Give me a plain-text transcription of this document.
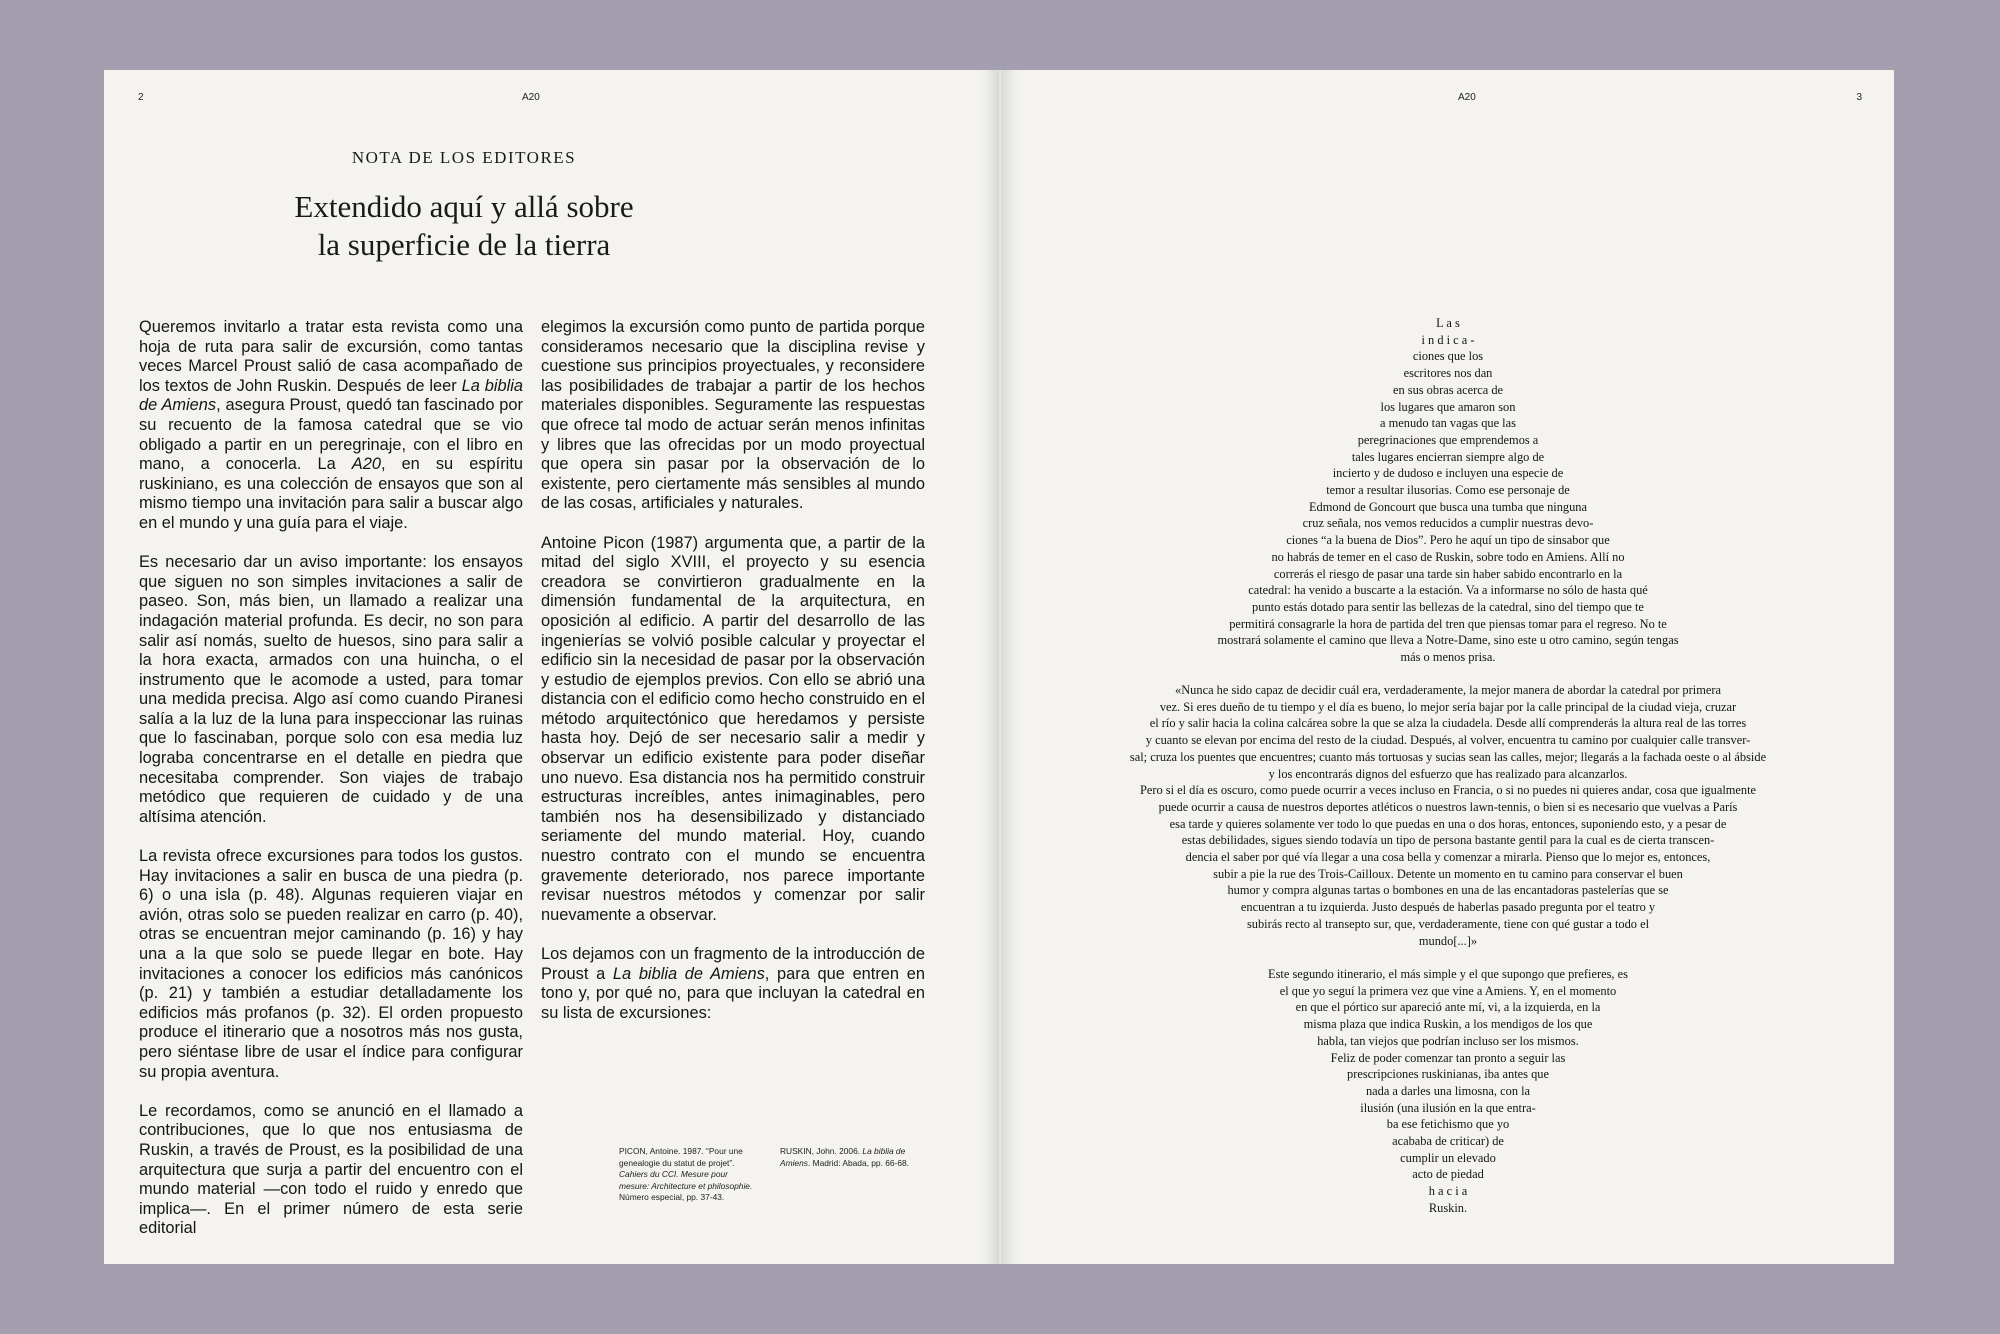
2	A20
NOTA DE LOS EDITORES
Extendido aquí y allá sobre
la superficie de la tierra

Queremos invitarlo a tratar esta revista como una hoja de ruta para salir de excursión, como tantas veces Marcel Proust salió de casa acompañado de los textos de John Ruskin. Después de leer La biblia de Amiens, asegura Proust, quedó tan fascinado por su recuento de la famosa catedral que se vio obligado a partir en un peregrinaje, con el libro en mano, a conocerla. La A20, en su espíritu ruskiniano, es una colección de ensayos que son al mismo tiempo una invitación para salir a buscar algo en el mundo y una guía para el viaje.

Es necesario dar un aviso importante: los ensayos que siguen no son simples invitaciones a salir de paseo. Son, más bien, un llamado a realizar una indagación material profunda. Es decir, no son para salir así nomás, suelto de huesos, sino para salir a la hora exacta, armados con una huincha, o el instrumento que le acomode a usted, para tomar una medida precisa. Algo así como cuando Piranesi salía a la luz de la luna para inspeccionar las ruinas que lo fascinaban, porque solo con esa media luz lograba concentrarse en el detalle en piedra que necesitaba comprender. Son viajes de trabajo metódico que requieren de cuidado y de una altísima atención.

La revista ofrece excursiones para todos los gustos. Hay invitaciones a salir en busca de una piedra (p. 6) o una isla (p. 48). Algunas requieren viajar en avión, otras solo se pueden realizar en carro (p. 40), otras se encuentran mejor caminando (p. 16) y hay una a la que solo se puede llegar en bote. Hay invitaciones a conocer los edificios más canónicos (p. 21) y también a estudiar detalladamente los edificios más profanos (p. 32). El orden propuesto produce el itinerario que a nosotros más nos gusta, pero siéntase libre de usar el índice para configurar su propia aventura.

Le recordamos, como se anunció en el llamado a contribuciones, que lo que nos entusiasma de Ruskin, a través de Proust, es la posibilidad de una arquitectura que surja a partir del encuentro con el mundo material —con todo el ruido y enredo que implica—. En el primer número de esta serie editorial

elegimos la excursión como punto de partida porque consideramos necesario que la disciplina revise y cuestione sus principios proyectuales, y reconsidere las posibilidades de trabajar a partir de los hechos materiales disponibles. Seguramente las respuestas que ofrece tal modo de actuar serán menos infinitas y libres que las ofrecidas por un modo proyectual que opera sin pasar por la observación de lo existente, pero ciertamente más sensibles al mundo de las cosas, artificiales y naturales.

Antoine Picon (1987) argumenta que, a partir de la mitad del siglo XVIII, el proyecto y su esencia creadora se convirtieron gradualmente en la dimensión fundamental de la arquitectura, en oposición al edificio. A partir del desarrollo de las ingenierías se volvió posible calcular y proyectar el edificio sin la necesidad de pasar por la observación y estudio de ejemplos previos. Con ello se abrió una distancia con el edificio como hecho construido en el método arquitectónico que heredamos y persiste hasta hoy. Dejó de ser necesario salir a medir y observar un edificio existente para poder diseñar uno nuevo. Esa distancia nos ha permitido construir estructuras increíbles, antes inimaginables, pero también nos ha desensibilizado y distanciado seriamente del mundo material. Hoy, cuando nuestro contrato con el mundo se encuentra gravemente deteriorado, nos parece importante revisar nuestros métodos y comenzar por salir nuevamente a observar.

Los dejamos con un fragmento de la introducción de Proust a La biblia de Amiens, para que entren en tono y, por qué no, para que incluyan la catedral en su lista de excursiones:

PICON, Antoine. 1987. “Pour une genealogie du statut de projet”. Cahiers du CCI. Mesure pour mesure: Architecture et philosophie.
Número especial, pp. 37-43.
RUSKIN, John. 2006. La biblia de Amiens. Madrid: Abada, pp. 66-68.
A20	3
L a s
i n d i c a -
ciones que los
escritores nos dan
en sus obras acerca de
los lugares que amaron son
a menudo tan vagas que las
peregrinaciones que emprendemos a
tales lugares encierran siempre algo de
incierto y de dudoso e incluyen una especie de
temor a resultar ilusorias. Como ese personaje de
Edmond de Goncourt que busca una tumba que ninguna
cruz señala, nos vemos reducidos a cumplir nuestras devo-
ciones “a la buena de Dios”. Pero he aquí un tipo de sinsabor que
no habrás de temer en el caso de Ruskin, sobre todo en Amiens. Allí no
correrás el riesgo de pasar una tarde sin haber sabido encontrarlo en la
catedral: ha venido a buscarte a la estación. Va a informarse no sólo de hasta qué
punto estás dotado para sentir las bellezas de la catedral, sino del tiempo que te
permitirá consagrarle la hora de partida del tren que piensas tomar para el regreso. No te
mostrará solamente el camino que lleva a Notre-Dame, sino este u otro camino, según tengas
más o menos prisa.
«Nunca he sido capaz de decidir cuál era, verdaderamente, la mejor manera de abordar la catedral por primera
vez. Si eres dueño de tu tiempo y el día es bueno, lo mejor sería bajar por la calle principal de la ciudad vieja, cruzar
el río y salir hacia la colina calcárea sobre la que se alza la ciudadela. Desde allí comprenderás la altura real de las torres
y cuanto se elevan por encima del resto de la ciudad. Después, al volver, encuentra tu camino por cualquier calle transver-
sal; cruza los puentes que encuentres; cuanto más tortuosas y sucias sean las calles, mejor; llegarás a la fachada oeste o al ábside
y los encontrarás dignos del esfuerzo que has realizado para alcanzarlos.
Pero si el día es oscuro, como puede ocurrir a veces incluso en Francia, o si no puedes ni quieres andar, cosa que igualmente
puede ocurrir a causa de nuestros deportes atléticos o nuestros lawn-tennis, o bien si es necesario que vuelvas a París
esa tarde y quieres solamente ver todo lo que puedas en una o dos horas, entonces, suponiendo esto, y a pesar de
estas debilidades, sigues siendo todavía un tipo de persona bastante gentil para la cual es de cierta transcen-
dencia el saber por qué vía llegar a una cosa bella y comenzar a mirarla. Pienso que lo mejor es, entonces,
subir a pie la rue des Trois-Cailloux. Detente un momento en tu camino para conservar el buen
humor y compra algunas tartas o bombones en una de las encantadoras pastelerías que se
encuentran a tu izquierda. Justo después de haberlas pasado pregunta por el teatro y
subirás recto al transepto sur, que, verdaderamente, tiene con qué gustar a todo el
mundo[...]»
Este segundo itinerario, el más simple y el que supongo que prefieres, es
el que yo seguí la primera vez que vine a Amiens. Y, en el momento
en que el pórtico sur apareció ante mí, vi, a la izquierda, en la
misma plaza que indica Ruskin, a los mendigos de los que
habla, tan viejos que podrían incluso ser los mismos.
Feliz de poder comenzar tan pronto a seguir las
prescripciones ruskinianas, iba antes que
nada a darles una limosna, con la
ilusión (una ilusión en la que entra-
ba ese fetichismo que yo
acababa de criticar) de
cumplir un elevado
acto de piedad
h a c i a
Ruskin.
